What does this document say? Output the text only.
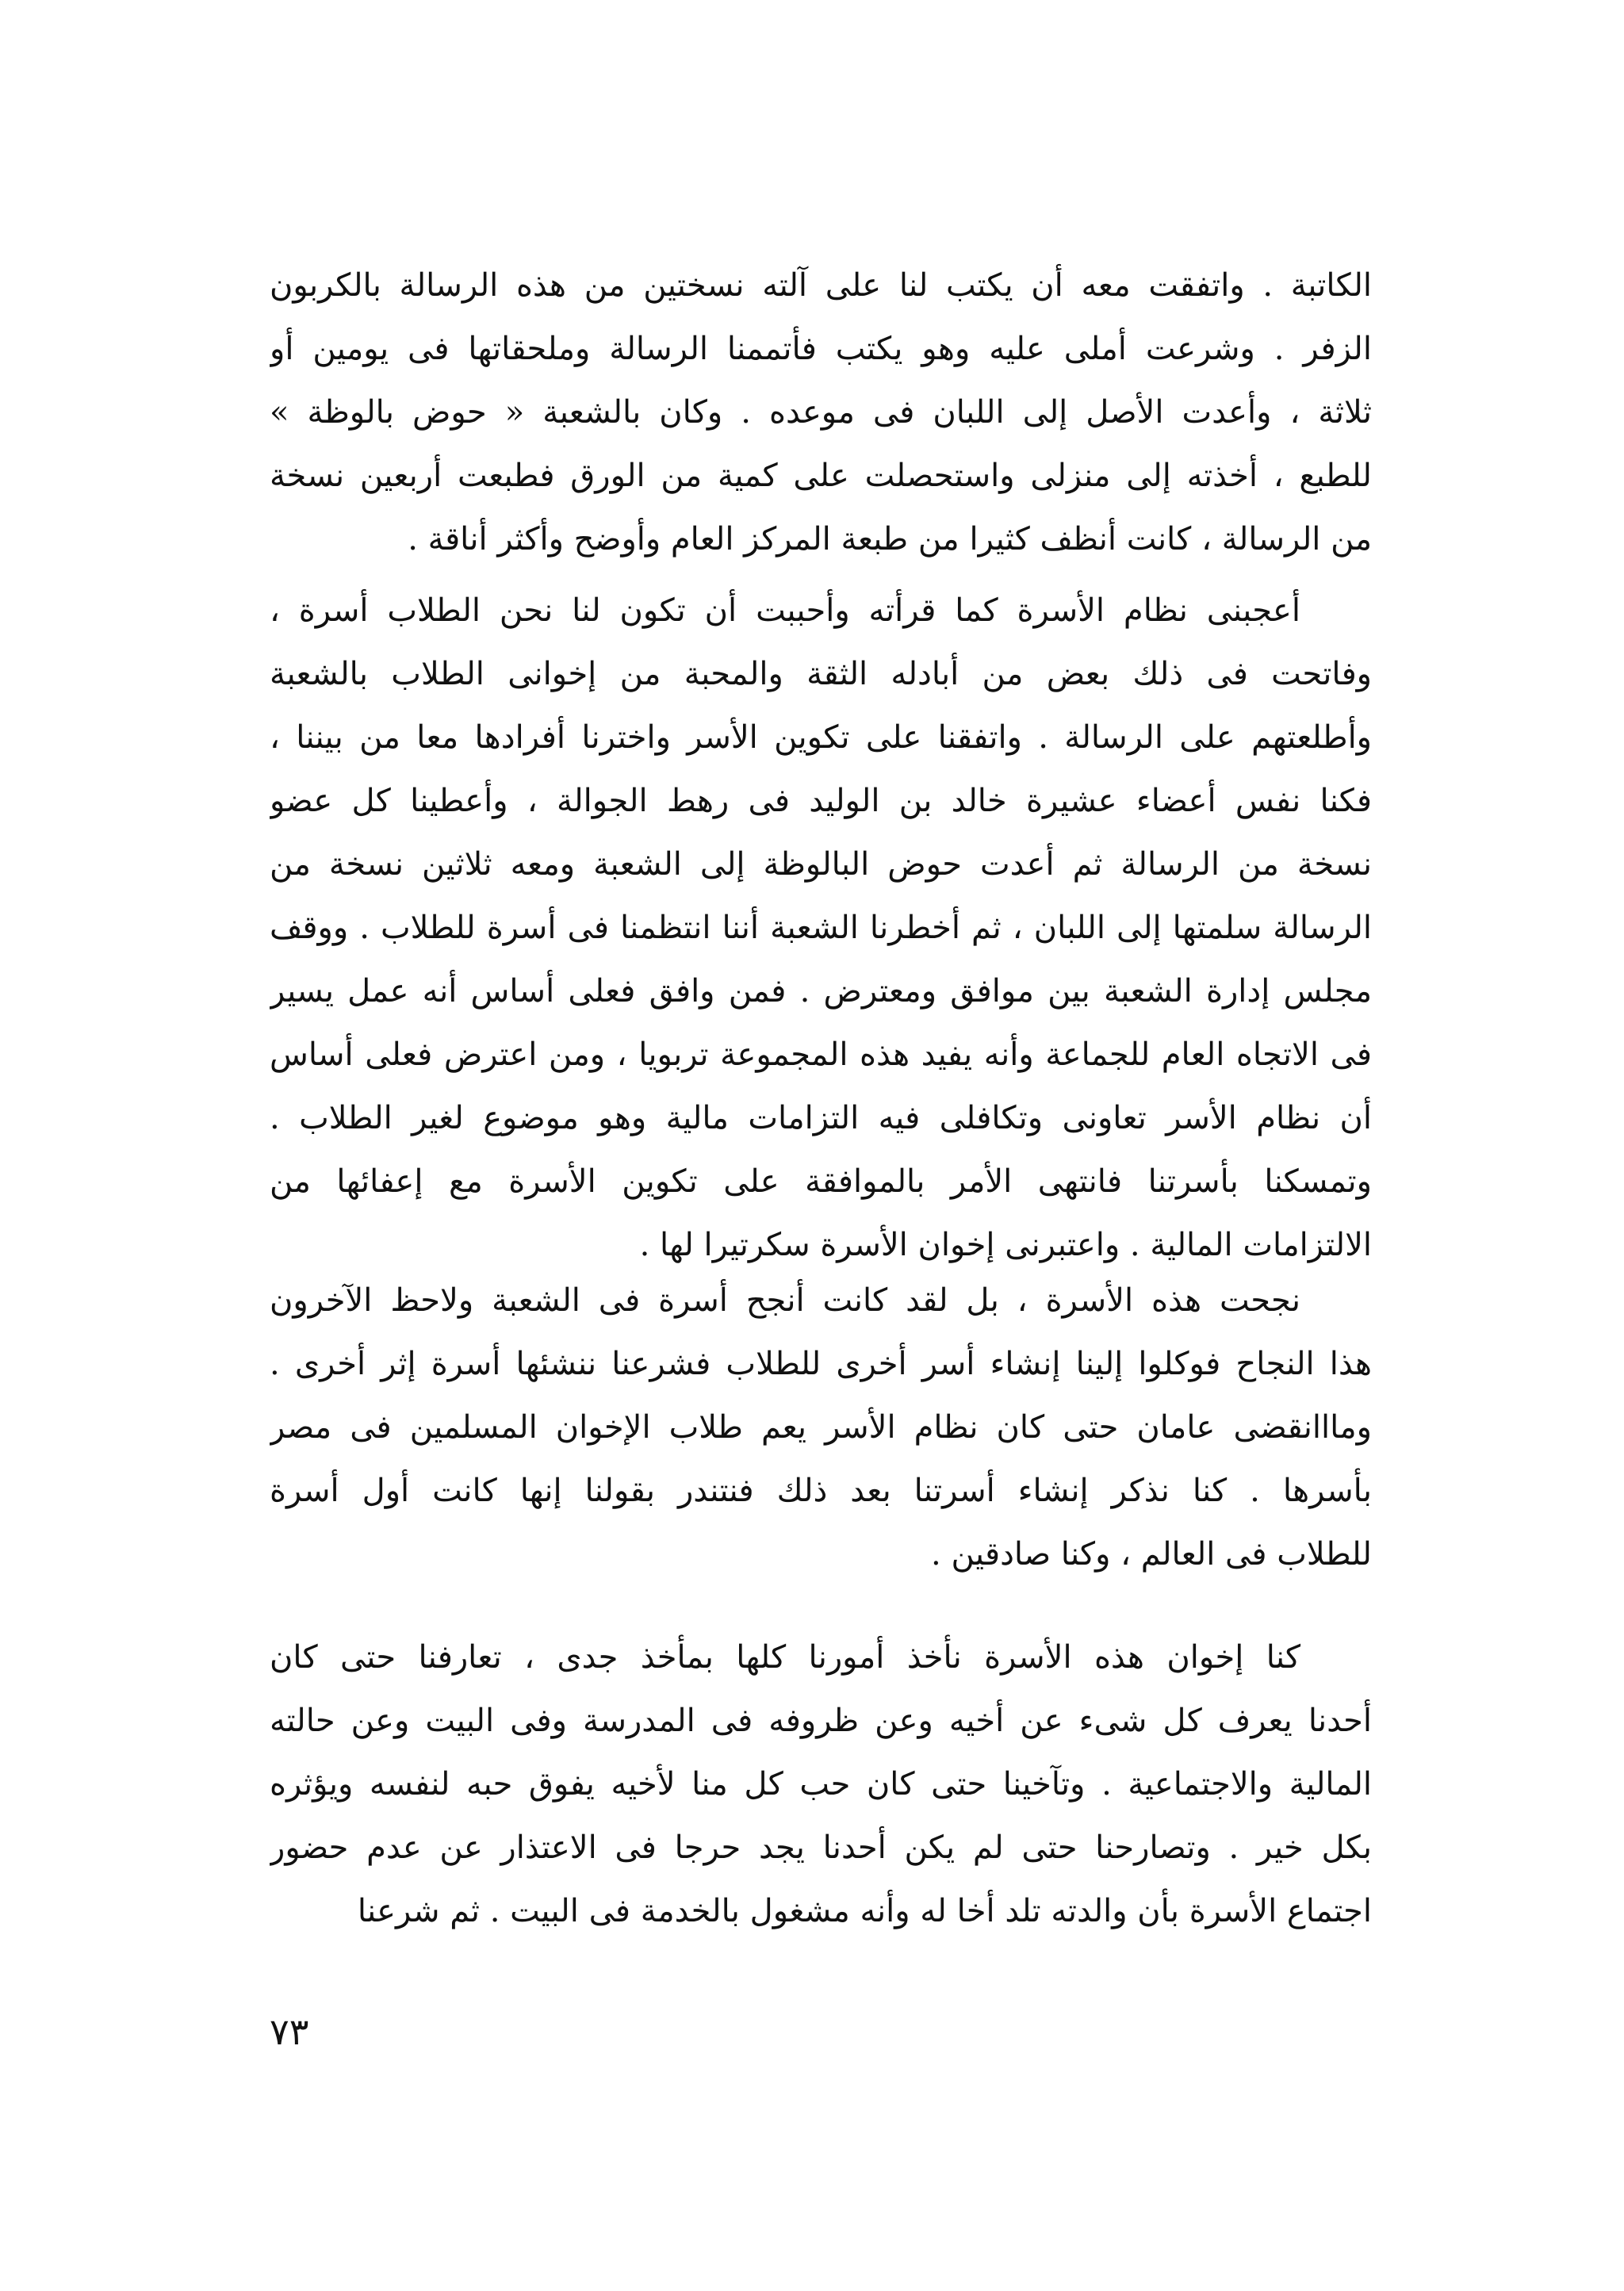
الكاتبة . واتفقت معه أن يكتب لنا على آلته نسختين من هذه الرسالة بالكربون
الزفر . وشرعت أملى عليه وهو يكتب فأتممنا الرسالة وملحقاتها فى يومين أو
ثلاثة ، وأعدت الأصل إلى اللبان فى موعده . وكان بالشعبة « حوض بالوظة »
للطبع ، أخذته إلى منزلى واستحصلت على كمية من الورق فطبعت أربعين نسخة
من الرسالة ، كانت أنظف كثيرا من طبعة المركز العام وأوضح وأكثر أناقة .
أعجبنى نظام الأسرة كما قرأته وأحببت أن تكون لنا نحن الطلاب أسرة ،
وفاتحت فى ذلك بعض من أبادله الثقة والمحبة من إخوانى الطلاب بالشعبة
وأطلعتهم على الرسالة . واتفقنا على تكوين الأسر واخترنا أفرادها معا من بيننا ،
فكنا نفس أعضاء عشيرة خالد بن الوليد فى رهط الجوالة ، وأعطينا كل عضو
نسخة من الرسالة ثم أعدت حوض البالوظة إلى الشعبة ومعه ثلاثين نسخة من
الرسالة سلمتها إلى اللبان ، ثم أخطرنا الشعبة أننا انتظمنا فى أسرة للطلاب . ووقف
مجلس إدارة الشعبة بين موافق ومعترض . فمن وافق فعلى أساس أنه عمل يسير
فى الاتجاه العام للجماعة وأنه يفيد هذه المجموعة تربويا ، ومن اعترض فعلى أساس
أن نظام الأسر تعاونى وتكافلى فيه التزامات مالية وهو موضوع لغير الطلاب .
وتمسكنا بأسرتنا فانتهى الأمر بالموافقة على تكوين الأسرة مع إعفائها من
الالتزامات المالية . واعتبرنى إخوان الأسرة سكرتيرا لها .
نجحت هذه الأسرة ، بل لقد كانت أنجح أسرة فى الشعبة ولاحظ الآخرون
هذا النجاح فوكلوا إلينا إنشاء أسر أخرى للطلاب فشرعنا ننشئها أسرة إثر أخرى .
ومااانقضى عامان حتى كان نظام الأسر يعم طلاب الإخوان المسلمين فى مصر
بأسرها . كنا نذكر إنشاء أسرتنا بعد ذلك فنتندر بقولنا إنها كانت أول أسرة
للطلاب فى العالم ، وكنا صادقين .
كنا إخوان هذه الأسرة نأخذ أمورنا كلها بمأخذ جدى ، تعارفنا حتى كان
أحدنا يعرف كل شىء عن أخيه وعن ظروفه فى المدرسة وفى البيت وعن حالته
المالية والاجتماعية . وتآخينا حتى كان حب كل منا لأخيه يفوق حبه لنفسه ويؤثره
بكل خير . وتصارحنا حتى لم يكن أحدنا يجد حرجا فى الاعتذار عن عدم حضور
اجتماع الأسرة بأن والدته تلد أخا له وأنه مشغول بالخدمة فى البيت . ثم شرعنا
٧٣
